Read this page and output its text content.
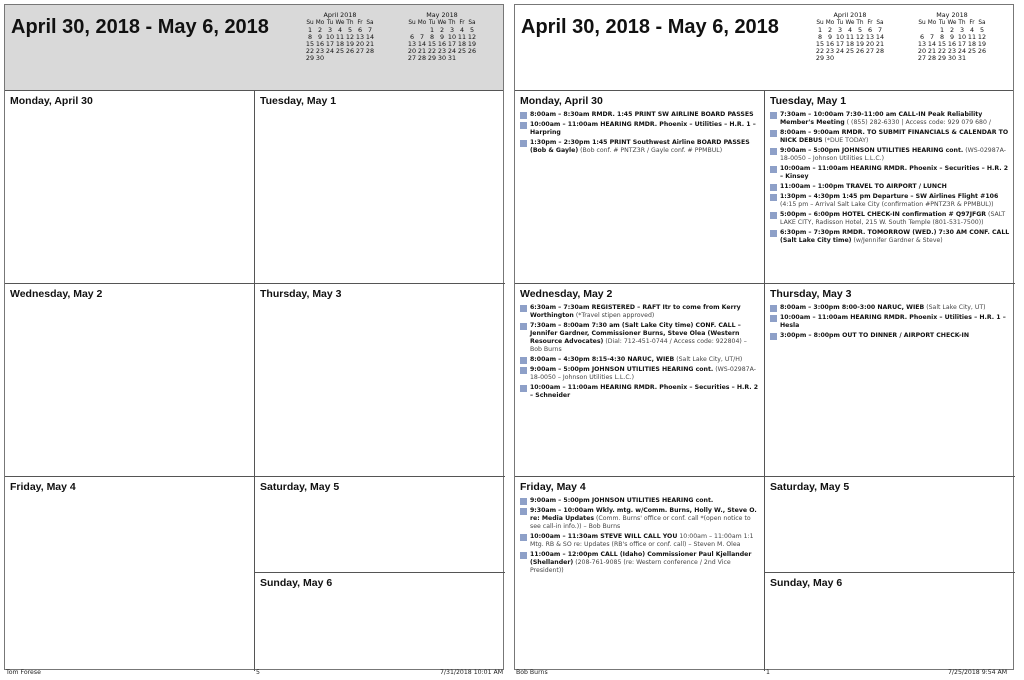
April 30, 2018 - May 6, 2018
April 2018
Su	Mo	Tu	We	Th	Fr	Sa
1	2	3	4	5	6	7
8	9	10	11	12	13	14
15	16	17	18	19	20	21
22	23	24	25	26	27	28
29	30					
May 2018
Su	Mo	Tu	We	Th	Fr	Sa
		1	2	3	4	5
6	7	8	9	10	11	12
13	14	15	16	17	18	19
20	21	22	23	24	25	26
27	28	29	30	31		
Monday, April 30	Tuesday, May 1
Wednesday, May 2	Thursday, May 3
Friday, May 4	Saturday, May 5
Sunday, May 6
April 30, 2018 - May 6, 2018
April 2018
Su	Mo	Tu	We	Th	Fr	Sa
1	2	3	4	5	6	7
8	9	10	11	12	13	14
15	16	17	18	19	20	21
22	23	24	25	26	27	28
29	30					
May 2018
Su	Mo	Tu	We	Th	Fr	Sa
		1	2	3	4	5
6	7	8	9	10	11	12
13	14	15	16	17	18	19
20	21	22	23	24	25	26
27	28	29	30	31		
Monday, April 30
8:00am – 8:30am RMDR. 1:45 PRINT SW AIRLINE BOARD PASSES
10:00am – 11:00am HEARING RMDR. Phoenix – Utilities – H.R. 1 – Harpring
1:30pm – 2:30pm 1:45 PRINT Southwest Airline BOARD PASSES (Bob & Gayle) (Bob conf. # PNTZ3R / Gayle conf. # PPMBUL)
Tuesday, May 1
7:30am – 10:00am 7:30-11:00 am CALL-IN Peak Reliability Member's Meeting ( (855) 282-6330 | Access code: 929 079 680 /
8:00am – 9:00am RMDR. TO SUBMIT FINANCIALS & CALENDAR TO NICK DEBUS (*DUE TODAY)
9:00am – 5:00pm JOHNSON UTILITIES HEARING cont. (WS-02987A-18-0050 – Johnson Utilities L.L.C.)
10:00am – 11:00am HEARING RMDR. Phoenix – Securities – H.R. 2 – Kinsey
11:00am – 1:00pm TRAVEL TO AIRPORT / LUNCH
1:30pm – 4:30pm 1:45 pm Departure – SW Airlines Flight #106 (4:15 pm – Arrival Salt Lake City (confirmation #PNTZ3R & PPMBUL))
5:00pm – 6:00pm HOTEL CHECK-IN confirmation # Q97JFGR (SALT LAKE CITY, Radisson Hotel, 215 W. South Temple (801-531-7500))
6:30pm – 7:30pm RMDR. TOMORROW (WED.) 7:30 AM CONF. CALL (Salt Lake City time) (w/Jennifer Gardner & Steve)
Wednesday, May 2
6:30am – 7:30am REGISTERED – RAFT Itr to come from Kerry Worthington (*Travel stipen approved)
7:30am – 8:00am 7:30 am (Salt Lake City time) CONF. CALL – Jennifer Gardner, Commissioner Burns, Steve Olea (Western Resource Advocates) (Dial: 712-451-0744 / Access code: 922804) – Bob Burns
8:00am – 4:30pm 8:15-4:30 NARUC, WIEB (Salt Lake City, UT/H)
9:00am – 5:00pm JOHNSON UTILITIES HEARING cont. (WS-02987A-18-0050 – Johnson Utilities L.L.C.)
10:00am – 11:00am HEARING RMDR. Phoenix – Securities – H.R. 2 – Schneider
Thursday, May 3
8:00am – 3:00pm 8:00-3:00 NARUC, WIEB (Salt Lake City, UT)
10:00am – 11:00am HEARING RMDR. Phoenix – Utilities – H.R. 1 – Hesla
3:00pm – 8:00pm OUT TO DINNER / AIRPORT CHECK-IN
Friday, May 4
9:00am – 5:00pm JOHNSON UTILITIES HEARING cont.
9:30am – 10:00am Wkly. mtg. w/Comm. Burns, Holly W., Steve O. re: Media Updates (Comm. Burns' office or conf. call *(open notice to see call-in info.)) – Bob Burns
10:00am – 11:30am STEVE WILL CALL YOU 10:00am – 11:00am 1:1 Mtg. RB & SO re: Updates (RB's office or conf. call) – Steven M. Olea
11:00am – 12:00pm CALL (Idaho) Commissioner Paul Kjellander (Shellander) (208-761-9085 (re: Western conference / 2nd Vice President))
Saturday, May 5
Sunday, May 6
Tom Forese	5	7/31/2018 10:01 AM Bob Burns	1	7/25/2018 9:54 AM
